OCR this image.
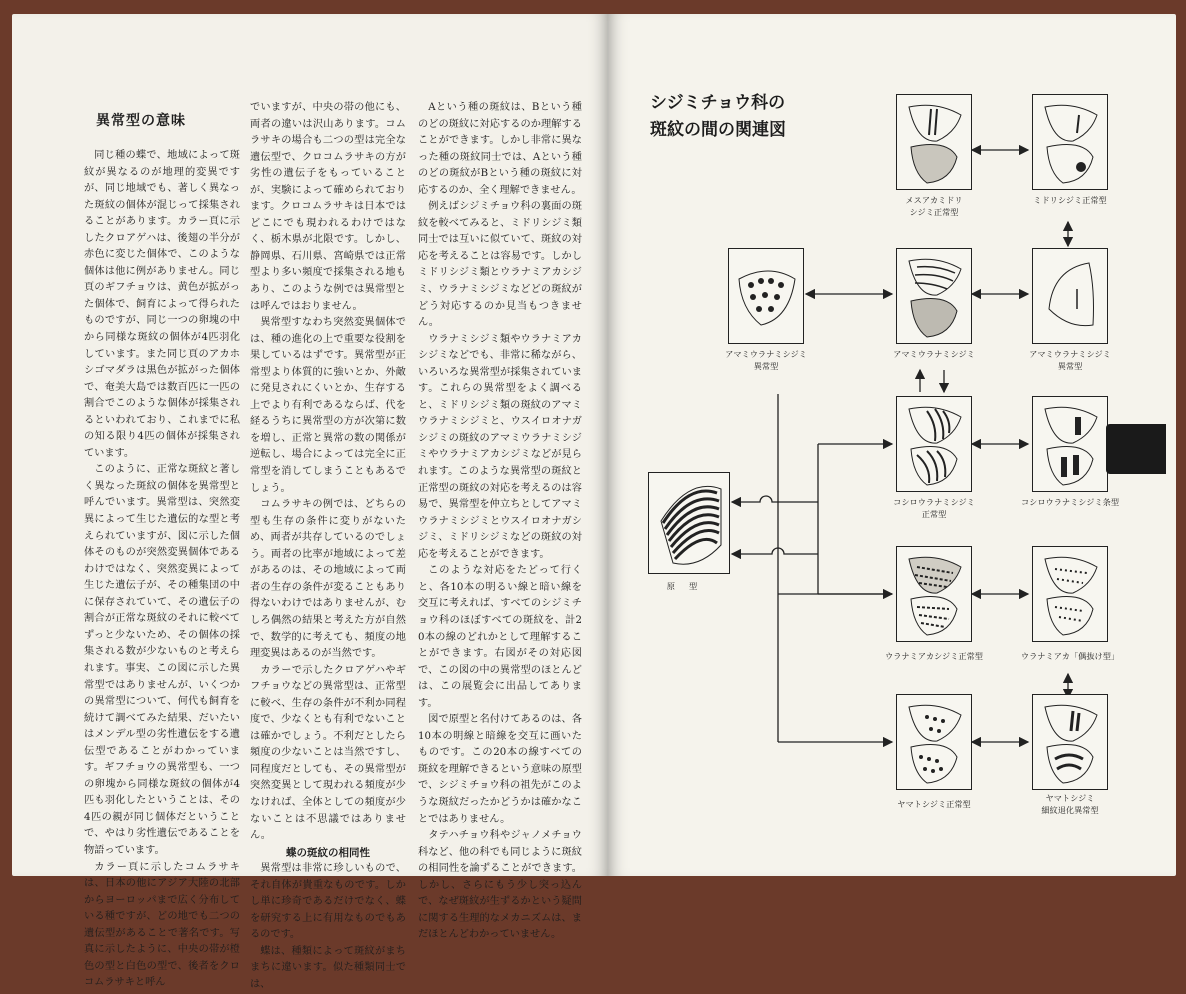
異常型の意味

同じ種の蝶で、地域によって斑紋が異なるのが地理的変異ですが、同じ地域でも、著しく異なった斑紋の個体が混じって採集されることがあります。カラー頁に示したクロアゲハは、後翅の半分が赤色に変じた個体で、このような個体は他に例がありません。同じ頁のギフチョウは、黄色が拡がった個体で、飼育によって得られたものですが、同じ一つの卵塊の中から同様な斑紋の個体が4匹羽化しています。また同じ頁のアカホシゴマダラは黒色が拡がった個体で、奄美大島では数百匹に一匹の割合でこのような個体が採集されるといわれており、これまでに私の知る限り4匹の個体が採集されています。

このように、正常な斑紋と著しく異なった斑紋の個体を異常型と呼んでいます。異常型は、突然変異によって生じた遺伝的な型と考えられていますが、図に示した個体そのものが突然変異個体であるわけではなく、突然変異によって生じた遺伝子が、その種集団の中に保存されていて、その遺伝子の割合が正常な斑紋のそれに較べてずっと少ないため、その個体の採集される数が少ないものと考えられます。事実、この図に示した異常型ではありませんが、いくつかの異常型について、何代も飼育を続けて調べてみた結果、だいたいはメンデル型の劣性遺伝をする遺伝型であることがわかっています。ギフチョウの異常型も、一つの卵塊から同様な斑紋の個体が4匹も羽化したということは、その4匹の親が同じ個体だということで、やはり劣性遺伝であることを物語っています。

カラー頁に示したコムラサキは、日本の他にアジア大陸の北部からヨーロッパまで広く分布している種ですが、どの地でも二つの遺伝型があることで著名です。写真に示したように、中央の帯が橙色の型と白色の型で、後者をクロコムラサキと呼ん

でいますが、中央の帯の他にも、両者の違いは沢山あります。コムラサキの場合も二つの型は完全な遺伝型で、クロコムラサキの方が劣性の遺伝子をもっていることが、実験によって確められております。クロコムラサキは日本ではどこにでも現われるわけではなく、栃木県が北限です。しかし、静岡県、石川県、宮崎県では正常型より多い頻度で採集される地もあり、このような例では異常型とは呼んではおりません。

異常型すなわち突然変異個体では、種の進化の上で重要な役割を果しているはずです。異常型が正常型より体質的に強いとか、外敵に発見されにくいとか、生存する上でより有利であるならば、代を経るうちに異常型の方が次第に数を増し、正常と異常の数の関係が逆転し、場合によっては完全に正常型を消してしまうこともあるでしょう。

コムラサキの例では、どちらの型も生存の条件に変りがないため、両者が共存しているのでしょう。両者の比率が地域によって差があるのは、その地域によって両者の生存の条件が変ることもあり得ないわけではありませんが、むしろ偶然の結果と考えた方が自然で、数学的に考えても、頻度の地理変異はあるのが当然です。

カラーで示したクロアゲハやギフチョウなどの異常型は、正常型に較べ、生存の条件が不利か同程度で、少なくとも有利でないことは確かでしょう。不利だとしたら頻度の少ないことは当然ですし、同程度だとしても、その異常型が突然変異として現われる頻度が少なければ、全体としての頻度が少ないことは不思議ではありません。

蝶の斑紋の相同性

異常型は非常に珍しいもので、それ自体が貴重なものです。しかし単に珍奇であるだけでなく、蝶を研究する上に有用なものでもあるのです。

蝶は、種類によって斑紋がまちまちに違います。似た種類同士では、

Aという種の斑紋は、Bという種のどの斑紋に対応するのか理解することができます。しかし非常に異なった種の斑紋同士では、Aという種のどの斑紋がBという種の斑紋に対応するのか、全く理解できません。

例えばシジミチョウ科の裏面の斑紋を較べてみると、ミドリシジミ類同士では互いに似ていて、斑紋の対応を考えることは容易です。しかしミドリシジミ類とウラナミアカシジミ、ウラナミシジミなどどの斑紋がどう対応するのか見当もつきません。

ウラナミシジミ類やウラナミアカシジミなどでも、非常に稀ながら、いろいろな異常型が採集されています。これらの異常型をよく調べると、ミドリシジミ類の斑紋のアマミウラナミシジミと、ウスイロオナガシジミの斑紋のアマミウラナミシジミやウラナミアカシジミなどが見られます。このような異常型の斑紋と正常型の斑紋の対応を考えるのは容易で、異常型を仲立ちとしてアマミウラナミシジミとウスイロオナガシジミ、ミドリシジミなどの斑紋の対応を考えることができます。

このような対応をたどって行くと、各10本の明るい線と暗い線を交互に考えれば、すべてのシジミチョウ科のほぼすべての斑紋を、計20本の線のどれかとして理解することができます。右図がその対応図で、この図の中の異常型のほとんどは、この展覧会に出品してあります。

図で原型と名付けてあるのは、各10本の明線と暗線を交互に画いたものです。この20本の線すべての斑紋を理解できるという意味の原型で、シジミチョウ科の祖先がこのような斑紋だったかどうかは確かなことではありません。

タテハチョウ科やジャノメチョウ科など、他の科でも同じように斑紋の相同性を論ずることができます。しかし、さらにもう少し突っ込んで、なぜ斑紋が生ずるかという疑問に関する生理的なメカニズムは、まだほとんどわかっていません。

シジミチョウ科の
斑紋の間の関連図
メスアカミドリ
シジミ正常型
ミドリシジミ正常型
アマミウラナミシジミ
異常型
アマミウラナミシジミ	アマミウラナミシジミ
異常型
コシロウラナミシジミ
正常型
コシロウラナミシジミ条型
原型
ウラナミアカシジミ正常型	ウラナミアカ「偶抜け型」
ヤマトシジミ正常型
ヤマトシジミ
細紋退化異常型
